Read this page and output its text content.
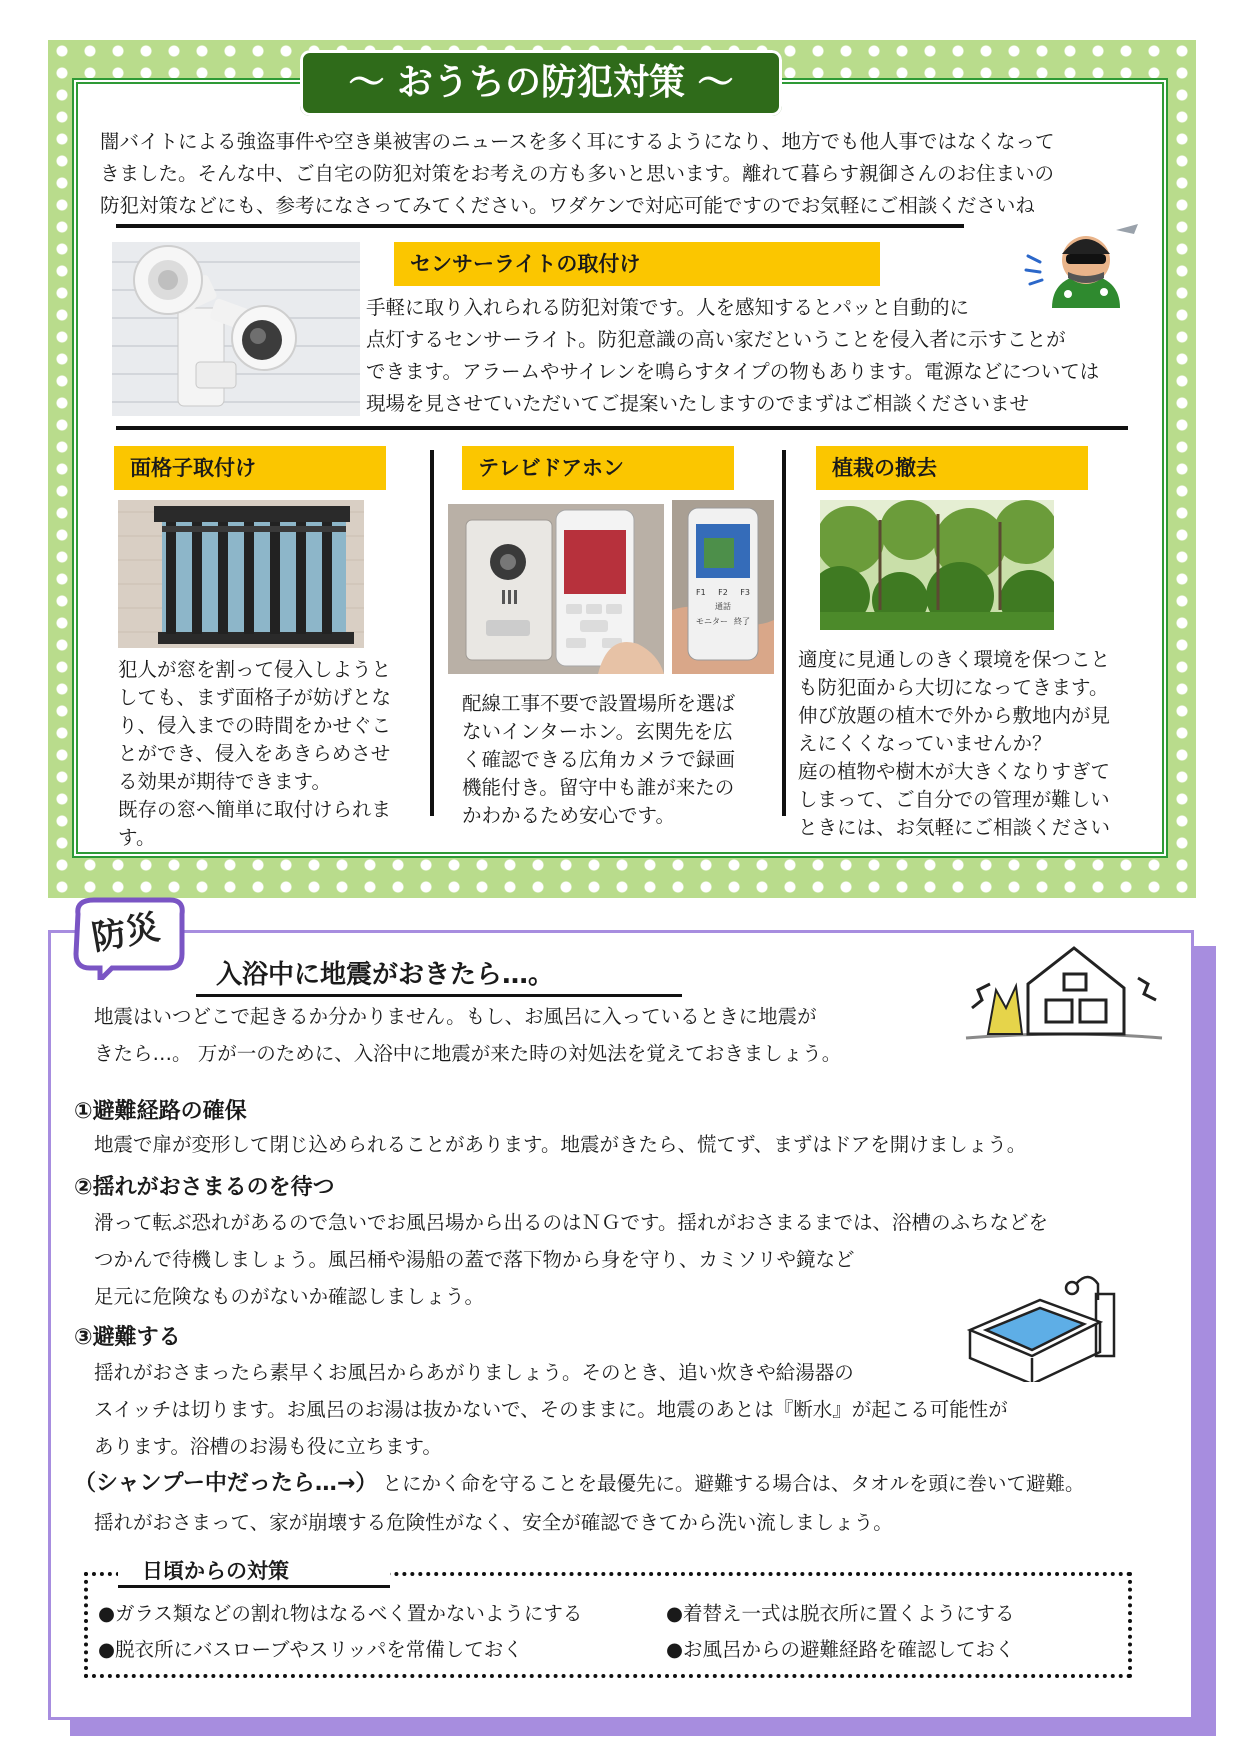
～ おうちの防犯対策 ～

闇バイトによる強盗事件や空き巣被害のニュースを多く耳にするようになり、地方でも他人事ではなくなって

きました。そんな中、ご自宅の防犯対策をお考えの方も多いと思います。離れて暮らす親御さんのお住まいの

防犯対策などにも、参考になさってみてください。ワダケンで対応可能ですのでお気軽にご相談くださいね

センサーライトの取付け

手軽に取り入れられる防犯対策です。人を感知するとパッと自動的に

点灯するセンサーライト。防犯意識の高い家だということを侵入者に示すことが

できます。アラームやサイレンを鳴らすタイプの物もあります。電源などについては

現場を見させていただいてご提案いたしますのでまずはご相談くださいませ

面格子取付け	テレビドアホン	植栽の撤去

犯人が窓を割って侵入しようと

しても、まず面格子が妨げとな

り、侵入までの時間をかせぐこ

とができ、侵入をあきらめさせ

る効果が期待できます。

既存の窓へ簡単に取付けられま

す。

F1 F2 F3
通話
モニター 終了

配線工事不要で設置場所を選ば

ないインターホン。玄関先を広

く確認できる広角カメラで録画

機能付き。留守中も誰が来たの

かわかるため安心です。

適度に見通しのきく環境を保つこと

も防犯面から大切になってきます。

伸び放題の植木で外から敷地内が見

えにくくなっていませんか？

庭の植物や樹木が大きくなりすぎて

しまって、ご自分での管理が難しい

ときには、お気軽にご相談ください

防災
入浴中に地震がおきたら…。

地震はいつどこで起きるか分かりません。もし、お風呂に入っているときに地震が

きたら…。 万が一のために、入浴中に地震が来た時の対処法を覚えておきましょう。

①避難経路の確保

地震で扉が変形して閉じ込められることがあります。地震がきたら、慌てず、まずはドアを開けましょう。

②揺れがおさまるのを待つ

滑って転ぶ恐れがあるので急いでお風呂場から出るのはＮＧです。揺れがおさまるまでは、浴槽のふちなどを

つかんで待機しましょう。風呂桶や湯船の蓋で落下物から身を守り、カミソリや鏡など

足元に危険なものがないか確認しましょう。

③避難する

揺れがおさまったら素早くお風呂からあがりましょう。そのとき、追い炊きや給湯器の

スイッチは切ります。お風呂のお湯は抜かないで、そのままに。地震のあとは『断水』が起こる可能性が

あります。浴槽のお湯も役に立ちます。

（シャンプー中だったら…→） とにかく命を守ることを最優先に。避難する場合は、タオルを頭に巻いて避難。

揺れがおさまって、家が崩壊する危険性がなく、安全が確認できてから洗い流しましょう。

日頃からの対策
●ガラス類などの割れ物はなるべく置かないようにする	●着替え一式は脱衣所に置くようにする
●脱衣所にバスローブやスリッパを常備しておく	●お風呂からの避難経路を確認しておく
